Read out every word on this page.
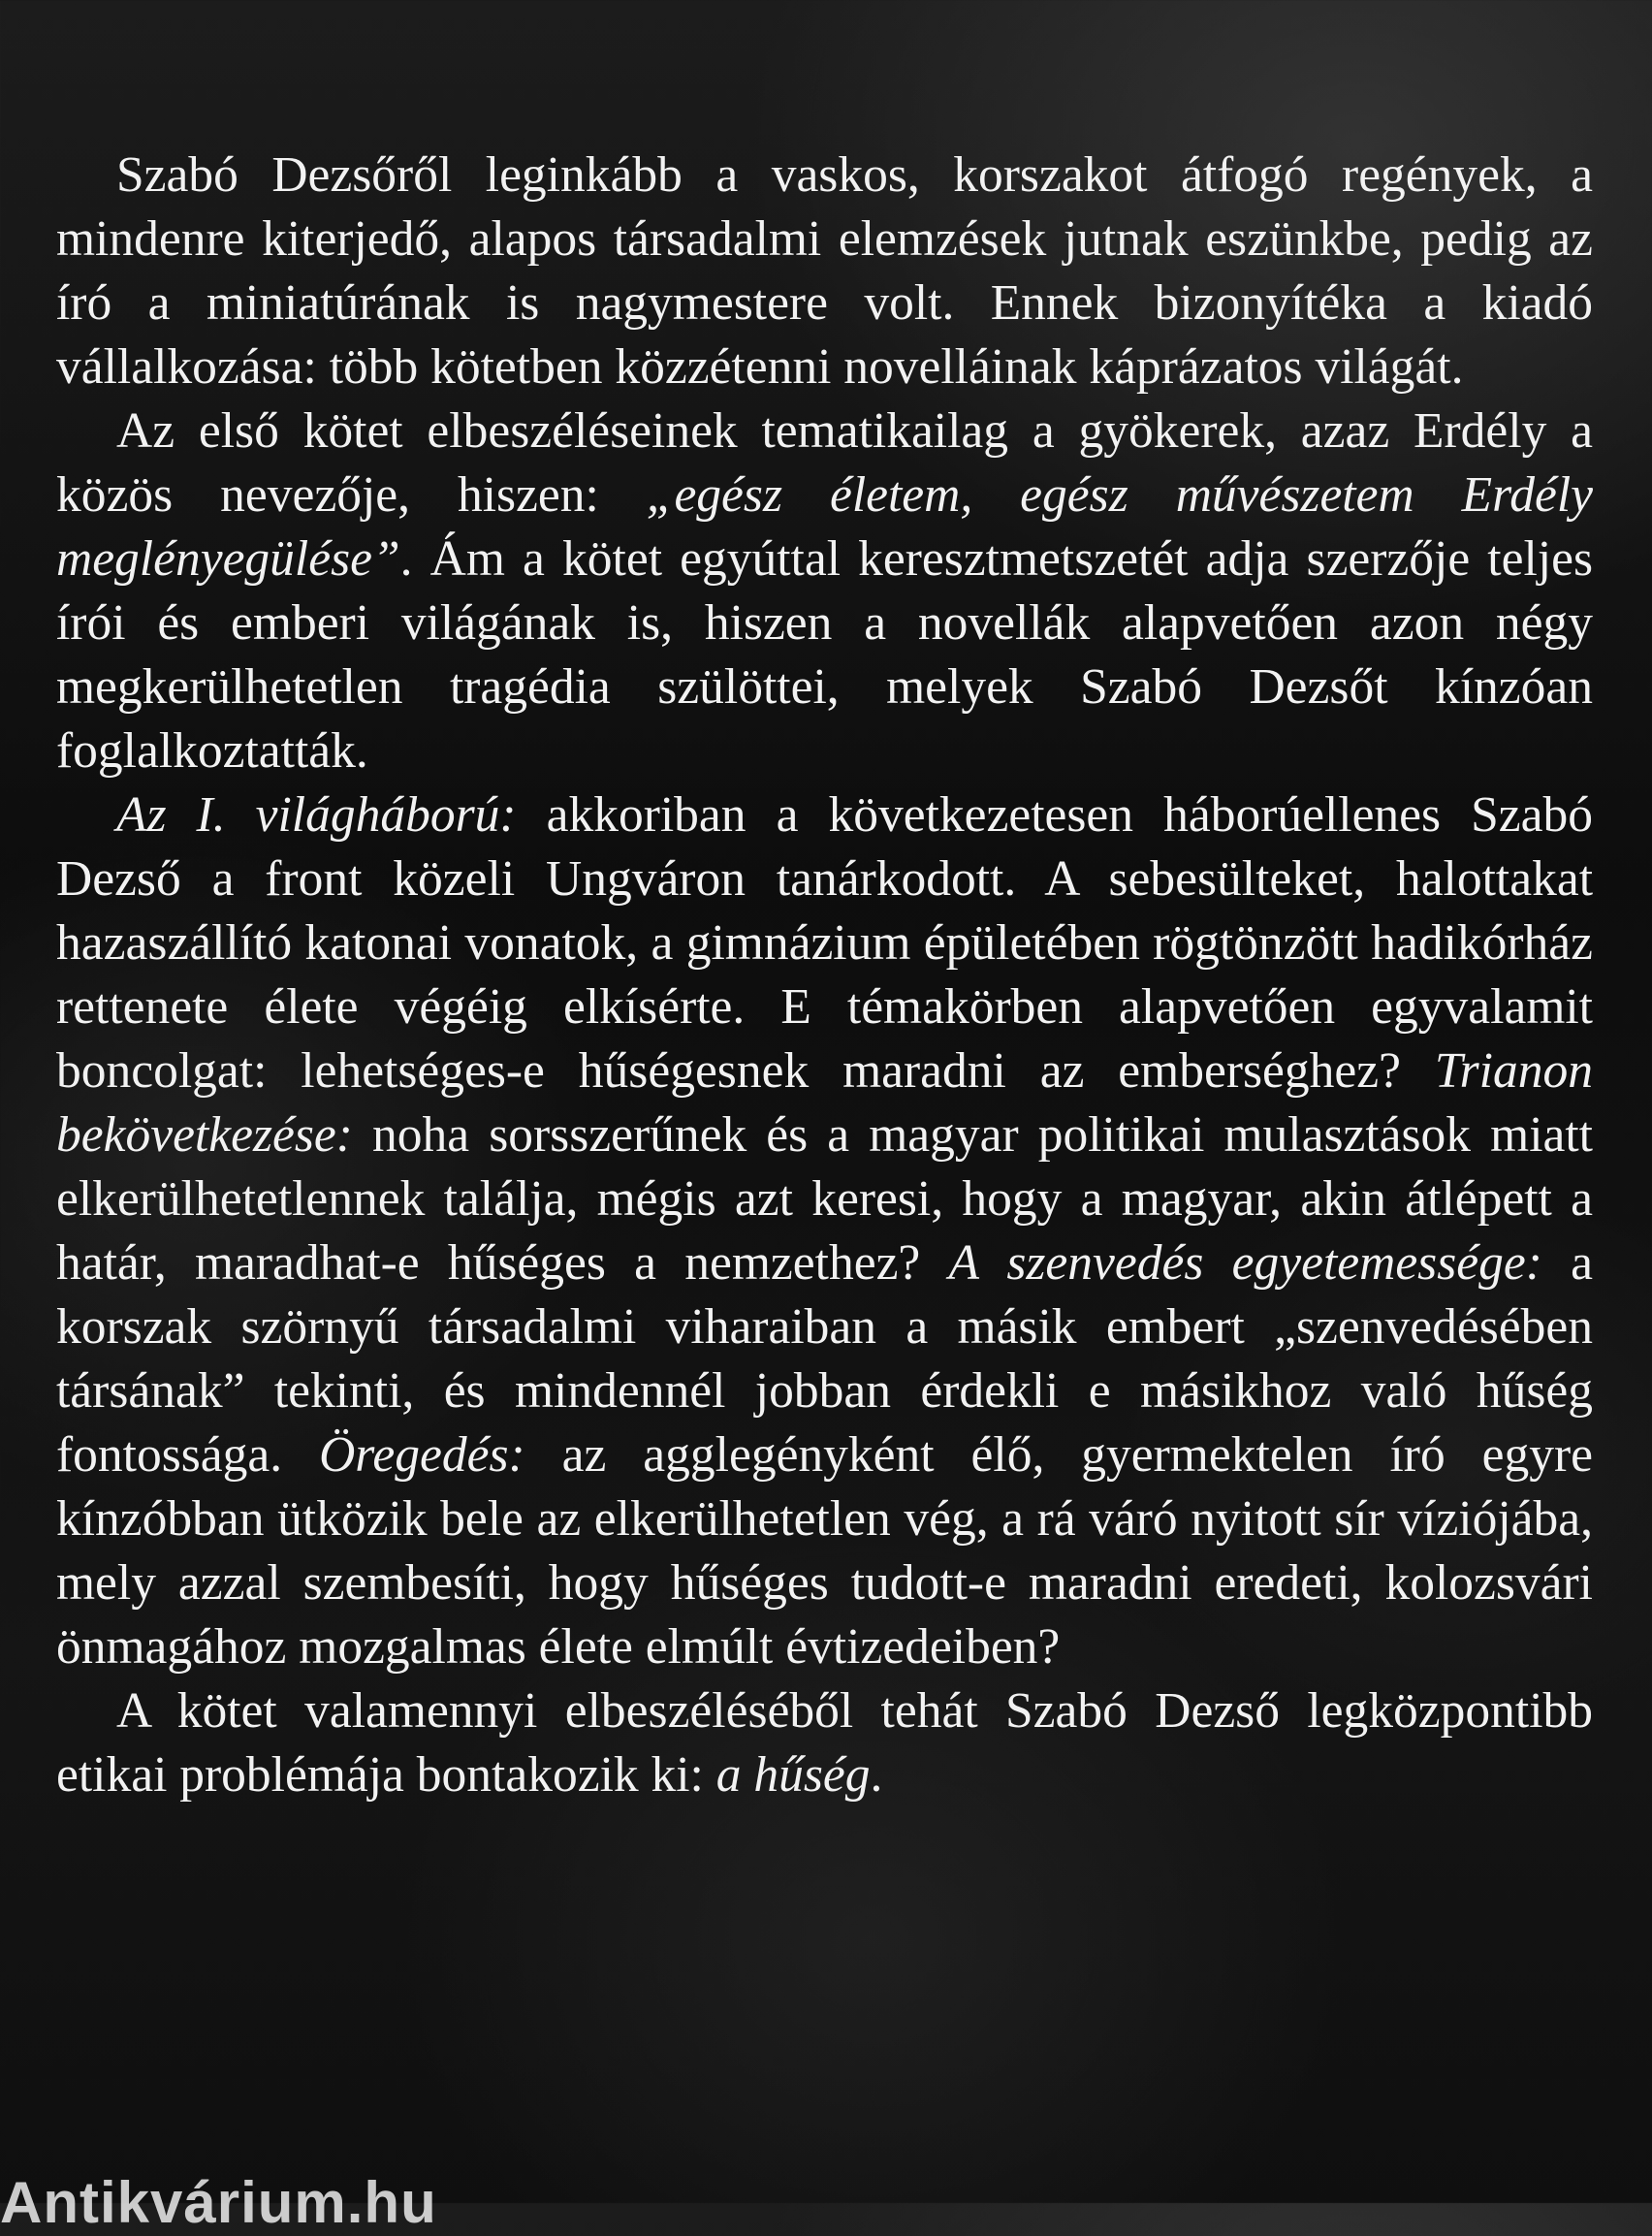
Szabó Dezsőről leginkább a vaskos, korszakot átfogó regények, a mindenre kiterjedő, alapos társadalmi elemzések jutnak eszünkbe, pedig az író a miniatúrának is nagymestere volt. Ennek bizonyítéka a kiadó vállalkozása: több kötetben közzétenni novelláinak káprázatos világát.

Az első kötet elbeszéléseinek tematikailag a gyökerek, azaz Erdély a közös nevezője, hiszen: „egész életem, egész művészetem Erdély meglényegülése”. Ám a kötet egyúttal keresztmetszetét adja szerzője teljes írói és emberi világának is, hiszen a novellák alapvetően azon négy megkerülhetetlen tragédia szülöttei, melyek Szabó Dezsőt kínzóan foglalkoztatták.

Az I. világháború: akkoriban a következetesen háborúellenes Szabó Dezső a front közeli Ungváron tanárkodott. A sebesülteket, halottakat hazaszállító katonai vonatok, a gimnázium épületében rögtönzött hadikórház rettenete élete végéig elkísérte. E témakörben alapvetően egyvalamit boncolgat: lehetséges-e hűségesnek maradni az emberséghez? Trianon bekövetkezése: noha sorsszerűnek és a magyar politikai mulasztások miatt elkerülhetetlennek találja, mégis azt keresi, hogy a magyar, akin átlépett a határ, maradhat-e hűséges a nemzethez? A szenvedés egyetemessége: a korszak szörnyű társadalmi viharaiban a másik embert „szenvedésében társának” tekinti, és mindennél jobban érdekli e másikhoz való hűség fontossága. Öregedés: az agglegényként élő, gyermektelen író egyre kínzóbban ütközik bele az elkerülhetetlen vég, a rá váró nyitott sír víziójába, mely azzal szembesíti, hogy hűséges tudott-e maradni eredeti, kolozsvári önmagához mozgalmas élete elmúlt évtizedeiben?

A kötet valamennyi elbeszéléséből tehát Szabó Dezső legközpontibb etikai problémája bontakozik ki: a hűség.

Antikvárium.hu
